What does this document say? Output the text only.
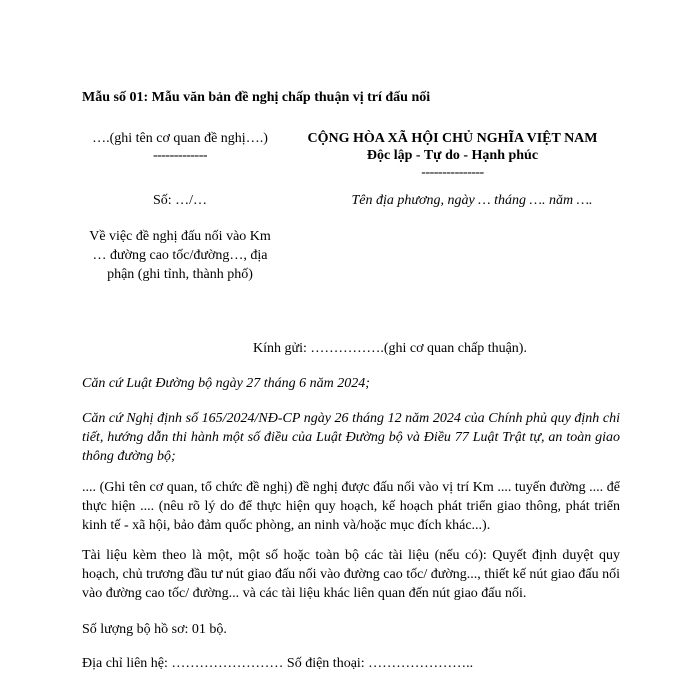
Mẫu số 01: Mẫu văn bản đề nghị chấp thuận vị trí đấu nối

….(ghi tên cơ quan đề nghị….)
-------------
CỘNG HÒA XÃ HỘI CHỦ NGHĨA VIỆT NAM
Độc lập - Tự do - Hạnh phúc
---------------
Số: …/…	Tên địa phương, ngày … tháng …. năm ….
Về việc đề nghị đấu nối vào Km … đường cao tốc/đường…, địa phận (ghi tỉnh, thành phố)
Kính gửi: …………….(ghi cơ quan chấp thuận).

Căn cứ Luật Đường bộ ngày 27 tháng 6 năm 2024;

Căn cứ Nghị định số 165/2024/NĐ-CP ngày 26 tháng 12 năm 2024 của Chính phủ quy định chi tiết, hướng dẫn thi hành một số điều của Luật Đường bộ và Điều 77 Luật Trật tự, an toàn giao thông đường bộ;

.... (Ghi tên cơ quan, tổ chức đề nghị) đề nghị được đấu nối vào vị trí Km .... tuyến đường .... để thực hiện .... (nêu rõ lý do để thực hiện quy hoạch, kế hoạch phát triển giao thông, phát triển kinh tế - xã hội, bảo đảm quốc phòng, an ninh và/hoặc mục đích khác...).

Tài liệu kèm theo là một, một số hoặc toàn bộ các tài liệu (nếu có): Quyết định duyệt quy hoạch, chủ trương đầu tư nút giao đấu nối vào đường cao tốc/ đường..., thiết kế nút giao đấu nối vào đường cao tốc/ đường... và các tài liệu khác liên quan đến nút giao đấu nối.

Số lượng bộ hồ sơ: 01 bộ.

Địa chỉ liên hệ: …………………… Số điện thoại: …………………..
